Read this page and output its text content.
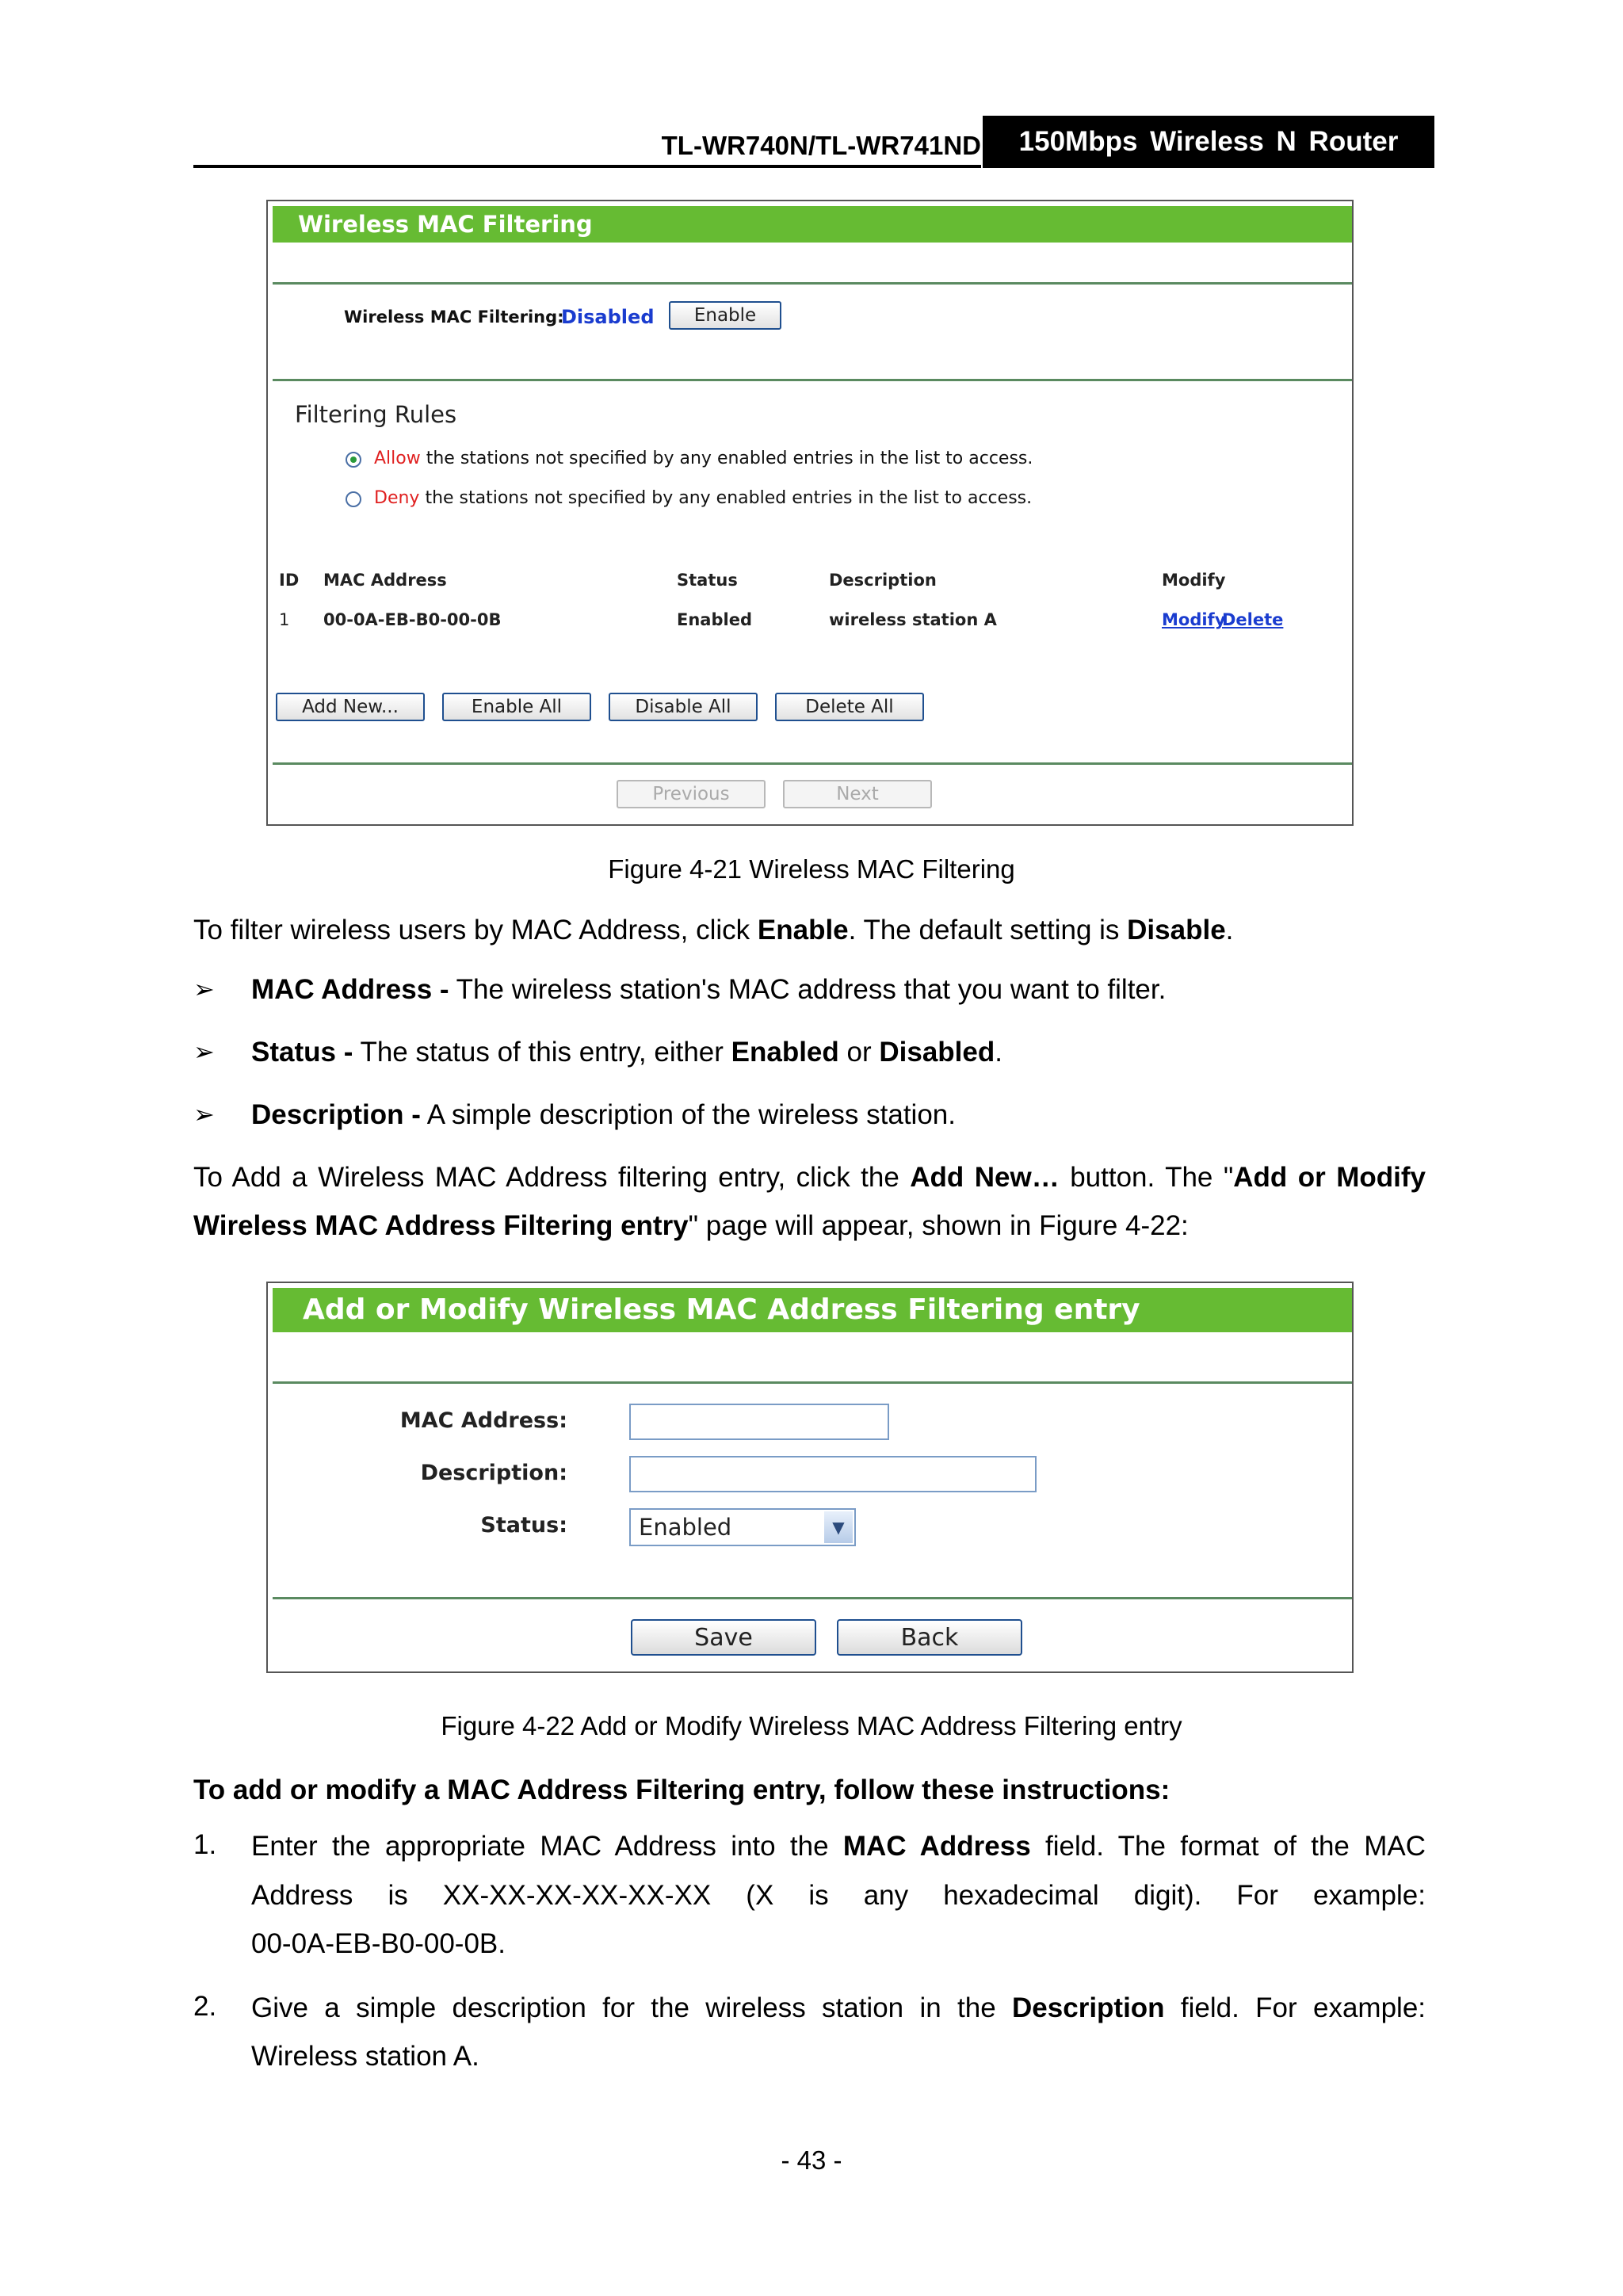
TL-WR740N/TL-WR741ND	150Mbps Wireless N Router
Wireless MAC Filtering
Wireless MAC Filtering:
Disabled	Enable
Filtering Rules
Allow the stations not specified by any enabled entries in the list to access.
Deny the stations not specified by any enabled entries in the list to access.
ID MAC Address	Status	Description	Modify
1 00-0A-EB-B0-00-0B	Enabled	wireless station A	Modify
Delete
Add New...	Enable All	Disable All	Delete All
Previous	Next
Figure 4-21 Wireless MAC Filtering
To filter wireless users by MAC Address, click Enable. The default setting is Disable.
➢ MAC Address - The wireless station's MAC address that you want to filter.
➢ Status - The status of this entry, either Enabled or Disabled.
➢ Description - A simple description of the wireless station.
To Add a Wireless MAC Address filtering entry, click the Add New… button. The "Add or Modify
Wireless MAC Address Filtering entry" page will appear, shown in Figure 4-22:
Add or Modify Wireless MAC Address Filtering entry
MAC Address:
Description:
Status:	Enabled	▼
Save	Back
Figure 4-22 Add or Modify Wireless MAC Address Filtering entry
To add or modify a MAC Address Filtering entry, follow these instructions:
1. Enter the appropriate MAC Address into the MAC Address field. The format of the MAC
Address is XX-XX-XX-XX-XX-XX (X is any hexadecimal digit). For example:
00-0A-EB-B0-00-0B.
2. Give a simple description for the wireless station in the Description field. For example:
Wireless station A.
- 43 -
